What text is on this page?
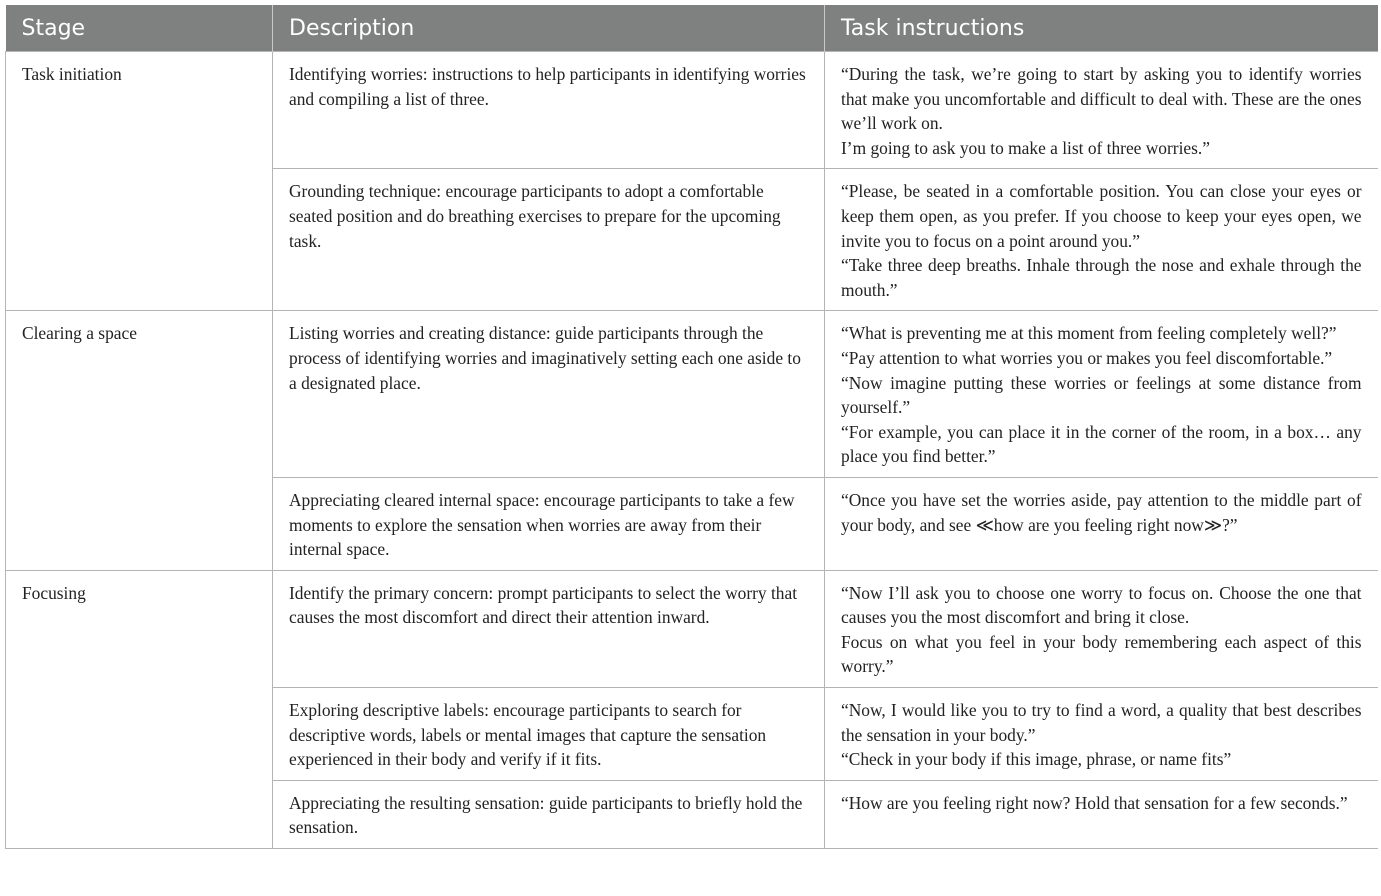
Stage	Description	Task instructions
Task initiation	Identifying worries: instructions to help participants in identifying worries and compiling a list of three.	“During the task, we’re going to start by asking you to identify worries that make you uncomfortable and difficult to deal with. These are the ones we’ll work on.
I’m going to ask you to make a list of three worries.”

	Grounding technique: encourage participants to adopt a comfortable seated position and do breathing exercises to prepare for the upcoming task.	“Please, be seated in a comfortable position. You can close your eyes or keep them open, as you prefer. If you choose to keep your eyes open, we invite you to focus on a point around you.”
“Take three deep breaths. Inhale through the nose and exhale through the mouth.”

Clearing a space	Listing worries and creating distance: guide participants through the process of identifying worries and imaginatively setting each one aside to a designated place.	“What is preventing me at this moment from feeling completely well?”
“Pay attention to what worries you or makes you feel discomfortable.”
“Now imagine putting these worries or feelings at some distance from yourself.”
“For example, you can place it in the corner of the room, in a box… any place you find better.”

	Appreciating cleared internal space: encourage participants to take a few moments to explore the sensation when worries are away from their internal space.	“Once you have set the worries aside, pay attention to the middle part of your body, and see ≪how are you feeling right now≫?”

Focusing	Identify the primary concern: prompt participants to select the worry that causes the most discomfort and direct their attention inward.	“Now I’ll ask you to choose one worry to focus on. Choose the one that causes you the most discomfort and bring it close.
Focus on what you feel in your body remembering each aspect of this worry.”

	Exploring descriptive labels: encourage participants to search for descriptive words, labels or mental images that capture the sensation experienced in their body and verify if it fits.	“Now, I would like you to try to find a word, a quality that best describes the sensation in your body.”
“Check in your body if this image, phrase, or name fits”

	Appreciating the resulting sensation: guide participants to briefly hold the sensation.	“How are you feeling right now? Hold that sensation for a few seconds.”
